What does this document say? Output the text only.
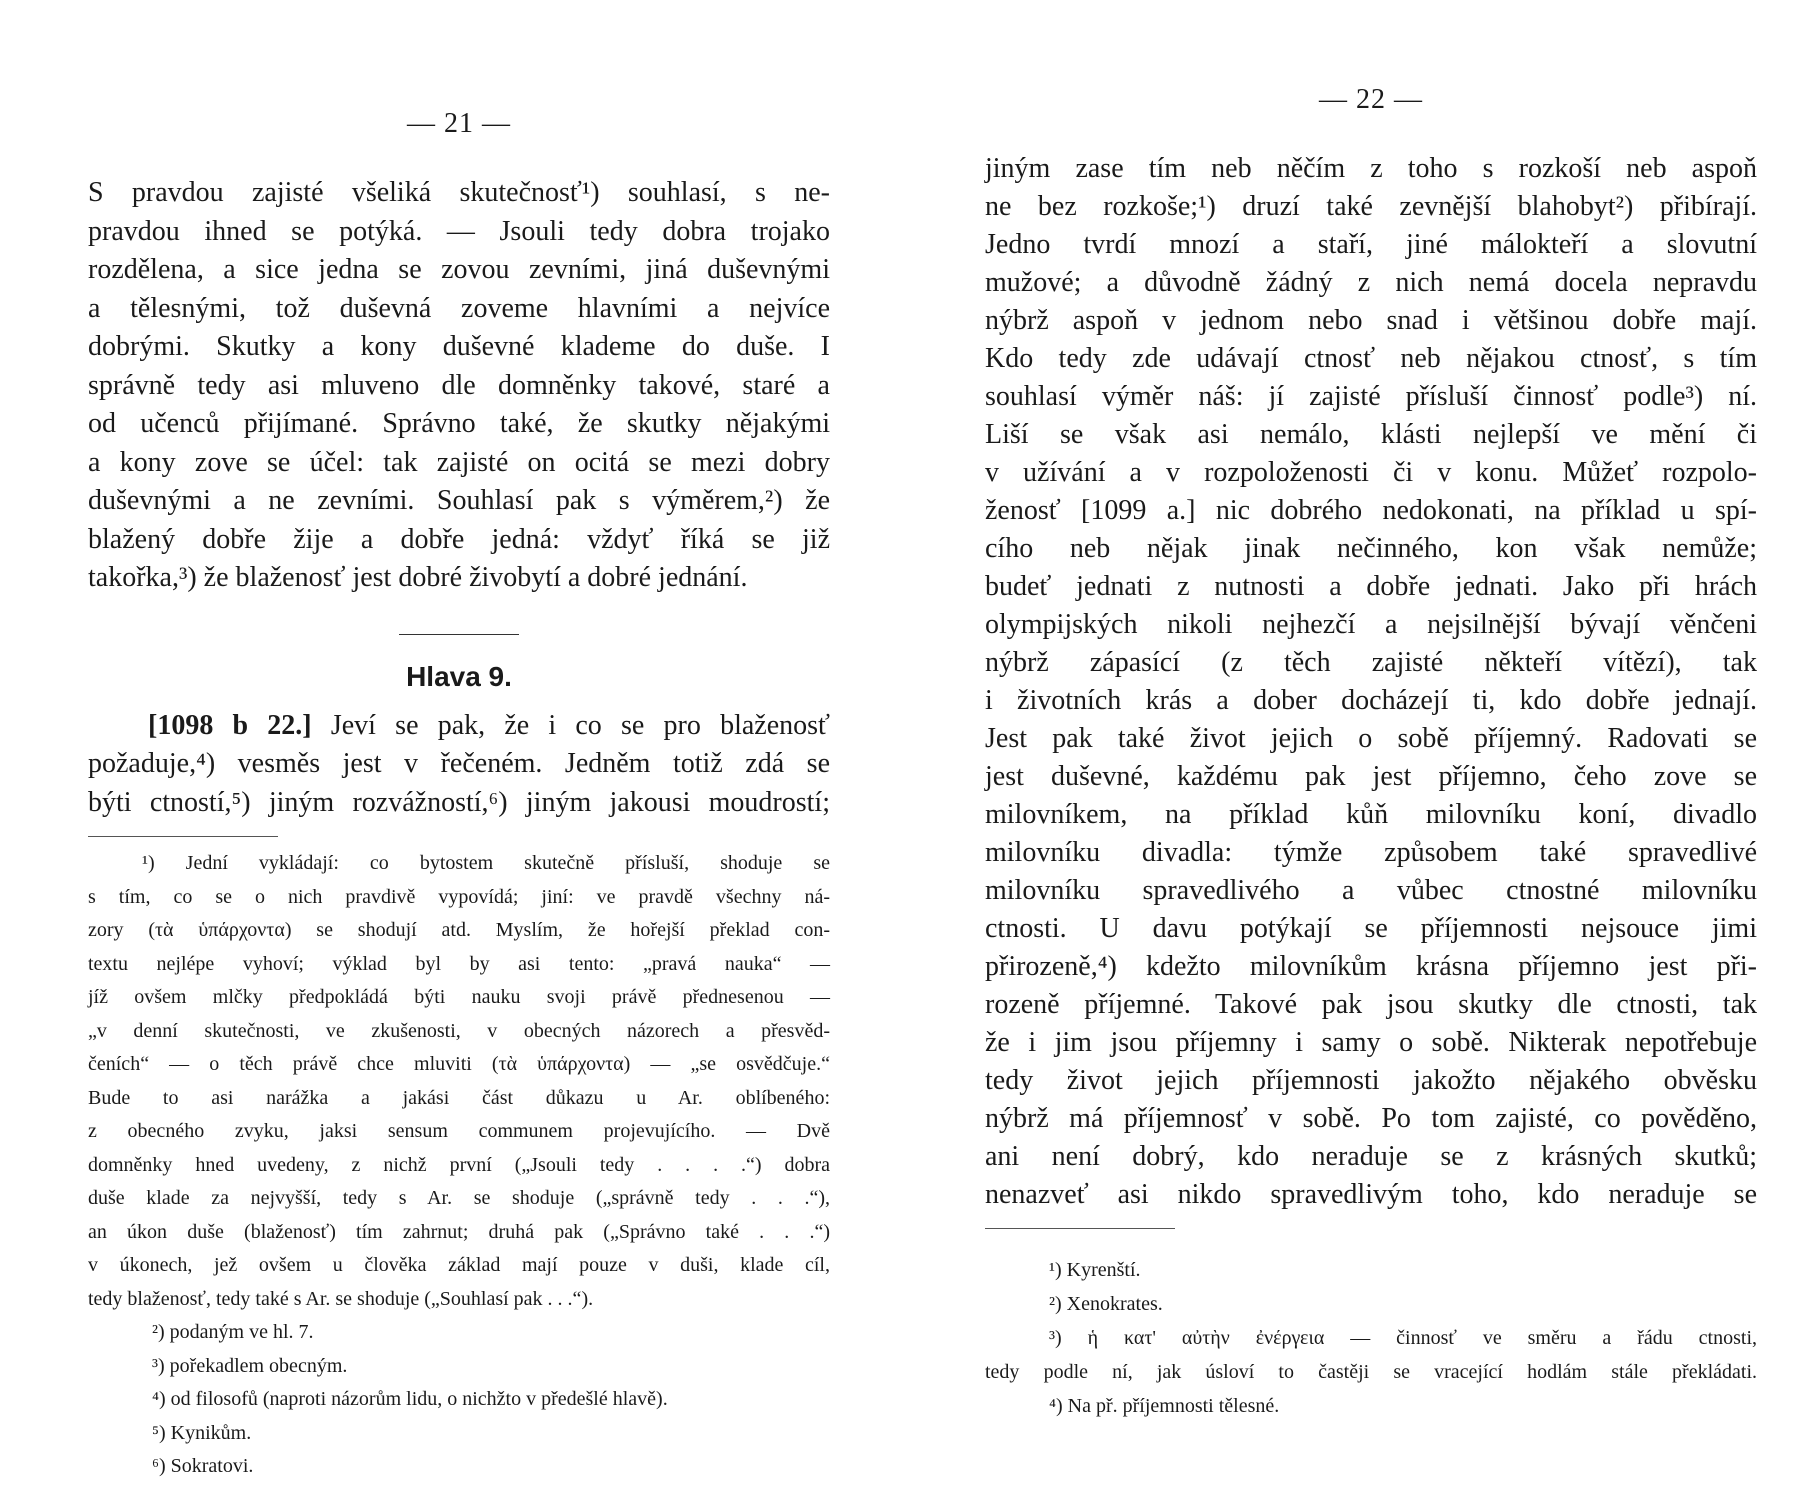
— 21 —

S pravdou zajisté všeliká skutečnosť¹) souhlasí, s ne-

pravdou ihned se potýká. — Jsouli tedy dobra trojako

rozdělena, a sice jedna se zovou zevními, jiná duševnými

a tělesnými, tož duševná zoveme hlavními a nejvíce

dobrými. Skutky a kony duševné klademe do duše. I

správně tedy asi mluveno dle domněnky takové, staré a

od učenců přijímané. Správno také, že skutky nějakými

a kony zove se účel: tak zajisté on ocitá se mezi dobry

duševnými a ne zevními. Souhlasí pak s výměrem,²) že

blažený dobře žije a dobře jedná: vždyť říká se již

takořka,³) že blaženosť jest dobré živobytí a dobré jednání.

Hlava 9.

[1098 b 22.] Jeví se pak, že i co se pro blaženosť

požaduje,⁴) vesměs jest v řečeném. Jedněm totiž zdá se

býti ctností,⁵) jiným rozvážností,⁶) jiným jakousi moudrostí;

¹) Jední vykládají: co bytostem skutečně přísluší, shoduje se

s tím, co se o nich pravdivě vypovídá; jiní: ve pravdě všechny ná-

zory (τὰ ὑπάρχοντα) se shodují atd. Myslím, že hořejší překlad con-

textu nejlépe vyhoví; výklad byl by asi tento: „pravá nauka“ —

jíž ovšem mlčky předpokládá býti nauku svoji právě přednesenou —

„v denní skutečnosti, ve zkušenosti, v obecných názorech a přesvěd-

čeních“ — o těch právě chce mluviti (τὰ ὑπάρχοντα) — „se osvědčuje.“

Bude to asi narážka a jakási část důkazu u Ar. oblíbeného:

z obecného zvyku, jaksi sensum communem projevujícího. — Dvě

domněnky hned uvedeny, z nichž první („Jsouli tedy . . . .“) dobra

duše klade za nejvyšší, tedy s Ar. se shoduje („správně tedy . . .“),

an úkon duše (blaženosť) tím zahrnut; druhá pak („Správno také . . .“)

v úkonech, jež ovšem u člověka základ mají pouze v duši, klade cíl,

tedy blaženosť, tedy také s Ar. se shoduje („Souhlasí pak . . .“).

²) podaným ve hl. 7.

³) pořekadlem obecným.

⁴) od filosofů (naproti názorům lidu, o nichžto v předešlé hlavě).

⁵) Kynikům.

⁶) Sokratovi.

— 22 —

jiným zase tím neb něčím z toho s rozkoší neb aspoň

ne bez rozkoše;¹) druzí také zevnější blahobyt²) přibírají.

Jedno tvrdí mnozí a staří, jiné málokteří a slovutní

mužové; a důvodně žádný z nich nemá docela nepravdu

nýbrž aspoň v jednom nebo snad i většinou dobře mají.

Kdo tedy zde udávají ctnosť neb nějakou ctnosť, s tím

souhlasí výměr náš: jí zajisté přísluší činnosť podle³) ní.

Liší se však asi nemálo, klásti nejlepší ve mění či

v užívání a v rozpoloženosti či v konu. Můžeť rozpolo-

ženosť [1099 a.] nic dobrého nedokonati, na příklad u spí-

cího neb nějak jinak nečinného, kon však nemůže;

budeť jednati z nutnosti a dobře jednati. Jako při hrách

olympijských nikoli nejhezčí a nejsilnější bývají věnčeni

nýbrž zápasící (z těch zajisté někteří vítězí), tak

i životních krás a dober docházejí ti, kdo dobře jednají.

Jest pak také život jejich o sobě příjemný. Radovati se

jest duševné, každému pak jest příjemno, čeho zove se

milovníkem, na příklad kůň milovníku koní, divadlo

milovníku divadla: týmže způsobem také spravedlivé

milovníku spravedlivého a vůbec ctnostné milovníku

ctnosti. U davu potýkají se příjemnosti nejsouce jimi

přirozeně,⁴) kdežto milovníkům krásna příjemno jest při-

rozeně příjemné. Takové pak jsou skutky dle ctnosti, tak

že i jim jsou příjemny i samy o sobě. Nikterak nepotřebuje

tedy život jejich příjemnosti jakožto nějakého obvěsku

nýbrž má příjemnosť v sobě. Po tom zajisté, co pověděno,

ani není dobrý, kdo neraduje se z krásných skutků;

nenazveť asi nikdo spravedlivým toho, kdo neraduje se

¹) Kyrenští.

²) Xenokrates.

³) ἡ κατ' αὐτὴν ἐνέργεια — činnosť ve směru a řádu ctnosti,

tedy podle ní, jak úsloví to častěji se vracející hodlám stále překládati.

⁴) Na př. příjemnosti tělesné.
